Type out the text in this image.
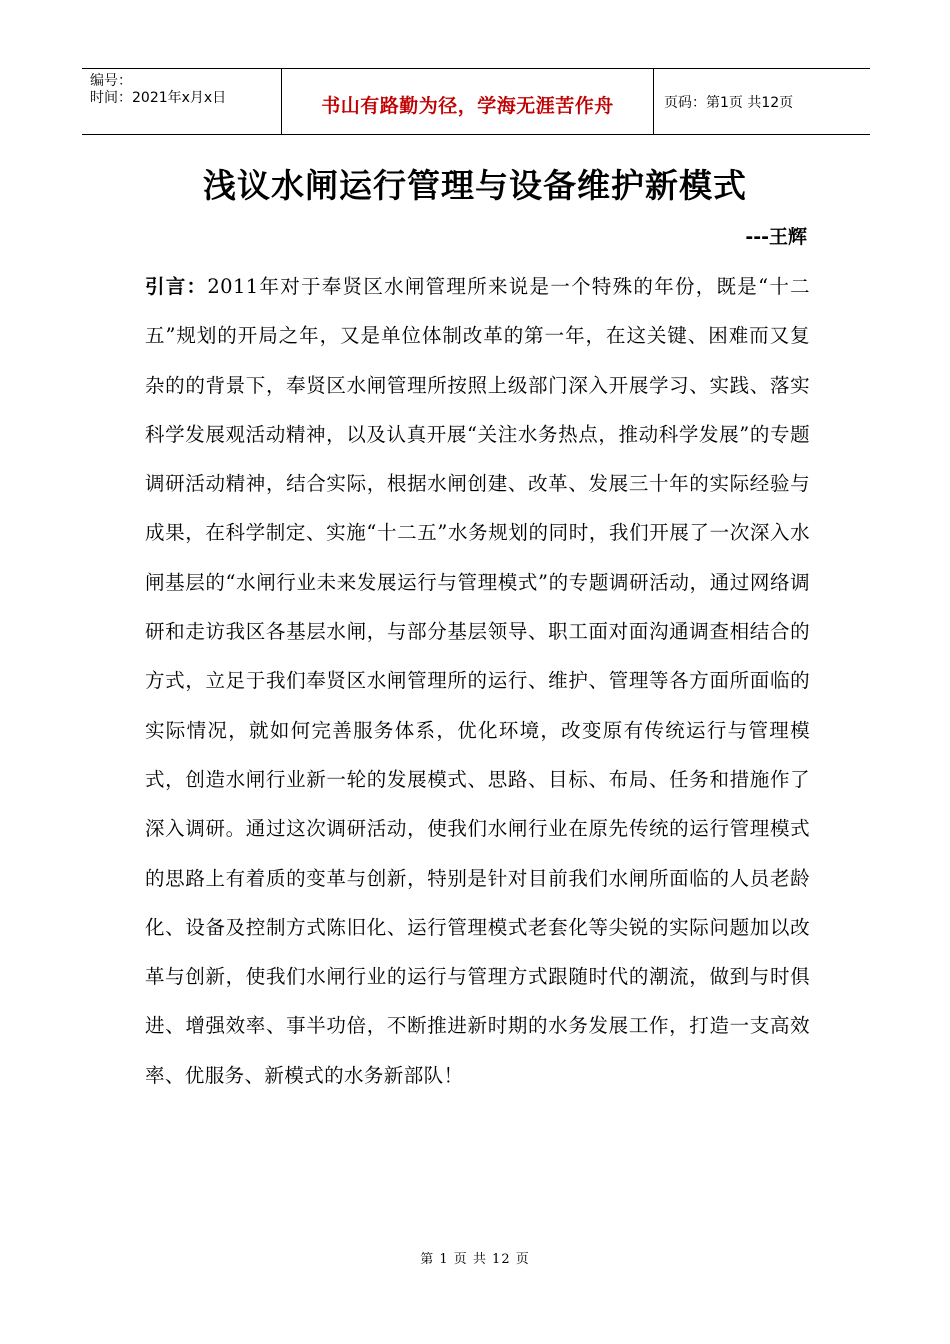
编号：
时间：2021年x月x日	书山有路勤为径，学海无涯苦作舟	页码：第1页 共12页
浅议水闸运行管理与设备维护新模式
---王辉

引言：2011年对于奉贤区水闸管理所来说是一个特殊的年份，既是“十二五”规划的开局之年，又是单位体制改革的第一年，在这关键、困难而又复杂的的背景下，奉贤区水闸管理所按照上级部门深入开展学习、实践、落实科学发展观活动精神，以及认真开展“关注水务热点，推动科学发展”的专题调研活动精神，结合实际，根据水闸创建、改革、发展三十年的实际经验与成果，在科学制定、实施“十二五”水务规划的同时，我们开展了一次深入水闸基层的“水闸行业未来发展运行与管理模式”的专题调研活动，通过网络调研和走访我区各基层水闸，与部分基层领导、职工面对面沟通调查相结合的方式，立足于我们奉贤区水闸管理所的运行、维护、管理等各方面所面临的实际情况，就如何完善服务体系，优化环境，改变原有传统运行与管理模式，创造水闸行业新一轮的发展模式、思路、目标、布局、任务和措施作了深入调研。通过这次调研活动，使我们水闸行业在原先传统的运行管理模式的思路上有着质的变革与创新，特别是针对目前我们水闸所面临的人员老龄化、设备及控制方式陈旧化、运行管理模式老套化等尖锐的实际问题加以改革与创新，使我们水闸行业的运行与管理方式跟随时代的潮流，做到与时俱进、增强效率、事半功倍，不断推进新时期的水务发展工作，打造一支高效率、优服务、新模式的水务新部队！

第 1 页 共 12 页
